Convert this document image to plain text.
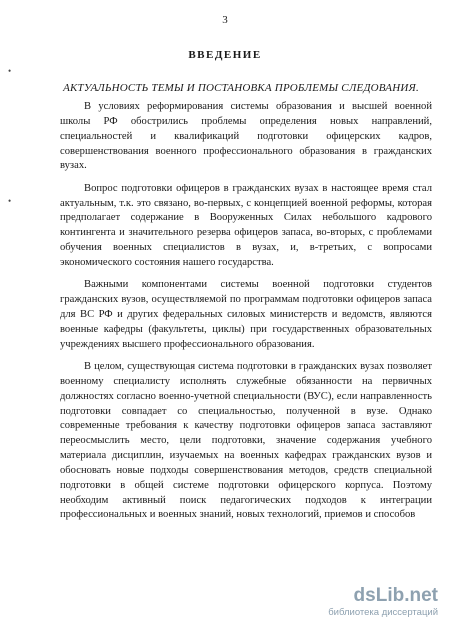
3
•
•
ВВЕДЕНИЕ
АКТУАЛЬНОСТЬ ТЕМЫ И ПОСТАНОВКА ПРОБЛЕМЫ СЛЕДОВАНИЯ.

В условиях реформирования системы образования и высшей военной школы РФ обострились проблемы определения новых направлений, специальностей и квалификаций подготовки офицерских кадров, совершенствования военного профессионального образования в гражданских вузах.

Вопрос подготовки офицеров в гражданских вузах в настоящее время стал актуальным, т.к. это связано, во-первых, с концепцией военной реформы, которая предполагает содержание в Вооруженных Силах небольшого кадрового контингента и значительного резерва офицеров запаса, во-вторых, с проблемами обучения военных специалистов в вузах, и, в-третьих, с вопросами экономического состояния нашего государства.

Важными компонентами системы военной подготовки студентов гражданских вузов, осуществляемой по программам подготовки офицеров запаса для ВС РФ и других федеральных силовых министерств и ведомств, являются военные кафедры (факультеты, циклы) при государственных образовательных учреждениях высшего профессионального образования.

В целом, существующая система подготовки в гражданских вузах позволяет военному специалисту исполнять служебные обязанности на первичных должностях согласно военно-учетной специальности (ВУС), если направленность подготовки совпадает со специальностью, полученной в вузе. Однако современные требования к качеству подготовки офицеров запаса заставляют переосмыслить место, цели подготовки, значение содержания учебного материала дисциплин, изучаемых на военных кафедрах гражданских вузов и обосновать новые подходы совершенствования методов, средств специальной подготовки в общей системе подготовки офицерского корпуса. Поэтому необходим активный поиск педагогических подходов к интеграции профессиональных и военных знаний, новых технологий, приемов и способов

dsLib.net
библиотека диссертаций
